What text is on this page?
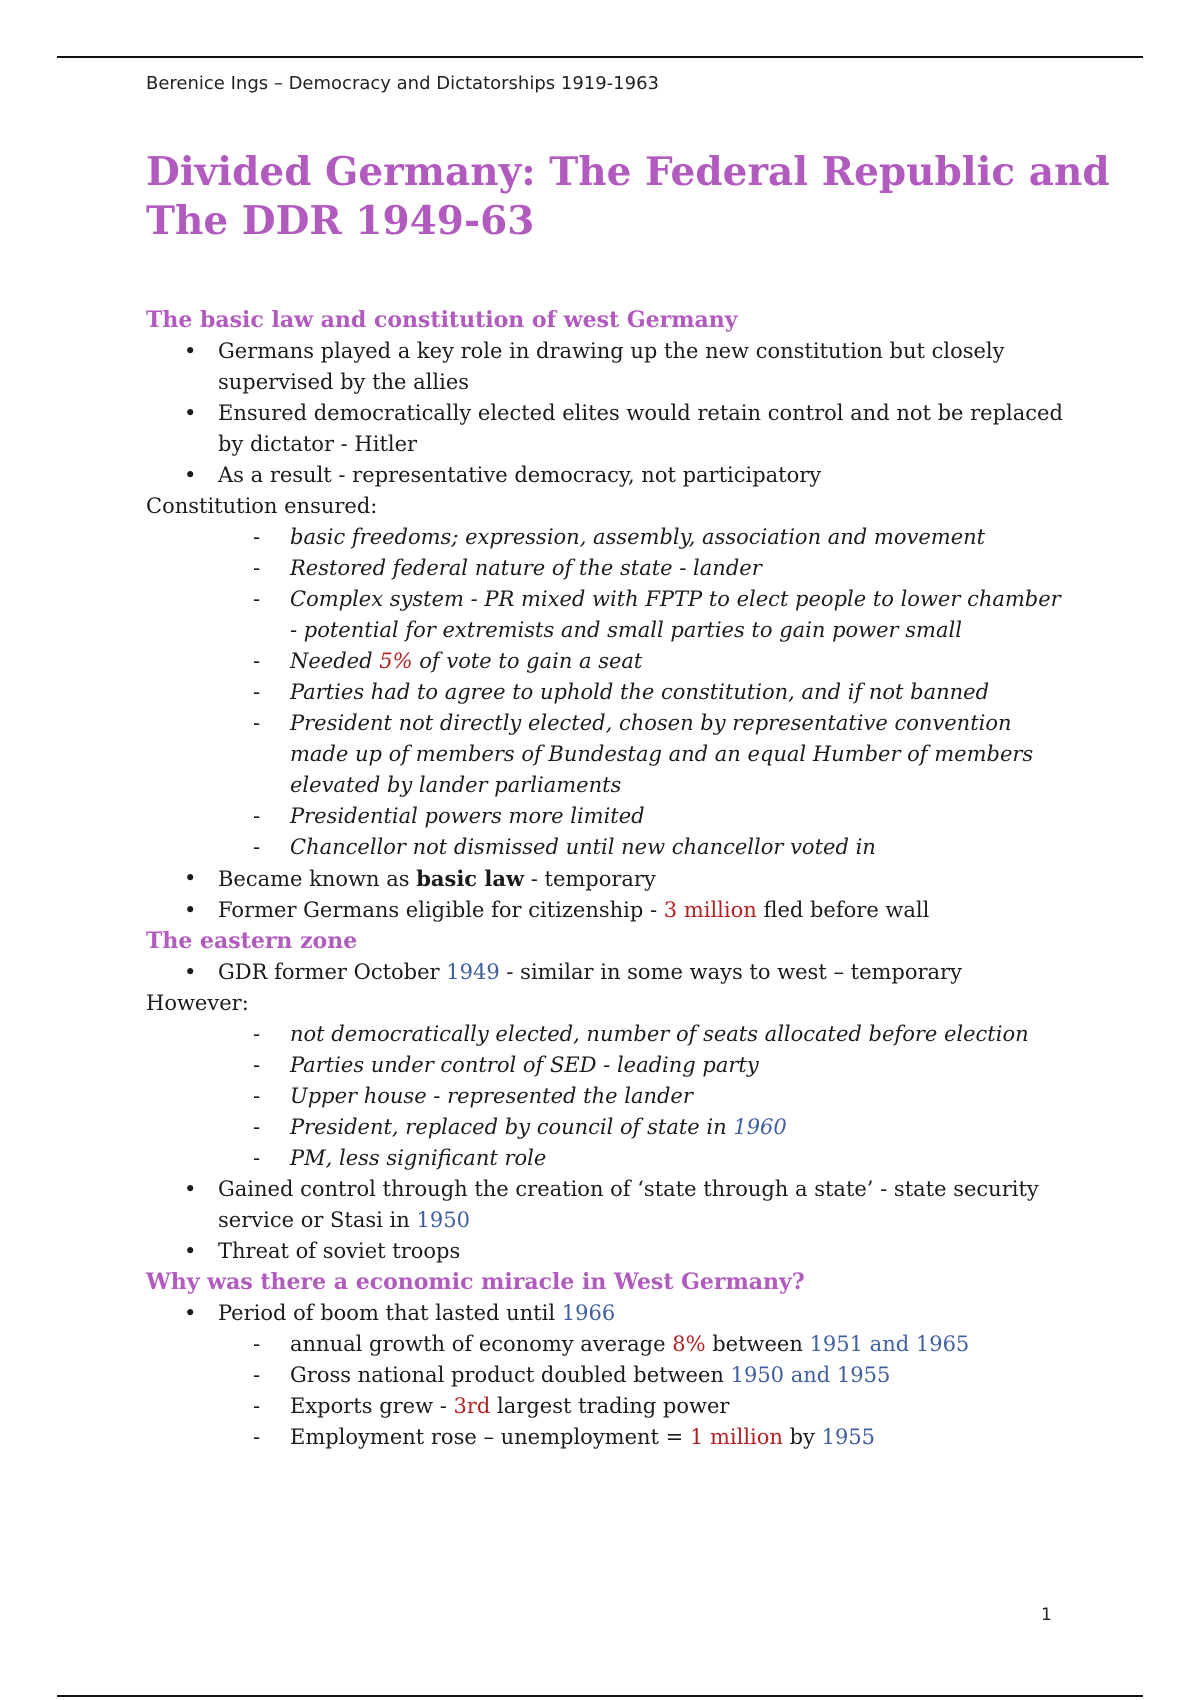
Berenice Ings – Democracy and Dictatorships 1919-1963
Divided Germany: The Federal Republic and
The DDR 1949-63
The basic law and constitution of west Germany
• Germans played a key role in drawing up the new constitution but closely supervised by the allies
• Ensured democratically elected elites would retain control and not be replaced by dictator - Hitler
• As a result - representative democracy, not participatory
Constitution ensured:
- basic freedoms; expression, assembly, association and movement
- Restored federal nature of the state - lander
- Complex system - PR mixed with FPTP to elect people to lower chamber - potential for extremists and small parties to gain power small
- Needed 5% of vote to gain a seat
- Parties had to agree to uphold the constitution, and if not banned
- President not directly elected, chosen by representative convention made up of members of Bundestag and an equal Humber of members elevated by lander parliaments
- Presidential powers more limited
- Chancellor not dismissed until new chancellor voted in
• Became known as basic law - temporary
• Former Germans eligible for citizenship - 3 million fled before wall
The eastern zone
• GDR former October 1949 - similar in some ways to west – temporary
However:
- not democratically elected, number of seats allocated before election
- Parties under control of SED - leading party
- Upper house - represented the lander
- President, replaced by council of state in 1960
- PM, less significant role
• Gained control through the creation of ‘state through a state’ - state security service or Stasi in 1950
• Threat of soviet troops
Why was there a economic miracle in West Germany?
• Period of boom that lasted until 1966
- annual growth of economy average 8% between 1951 and 1965
- Gross national product doubled between 1950 and 1955
- Exports grew - 3rd largest trading power
- Employment rose – unemployment = 1 million by 1955
1
